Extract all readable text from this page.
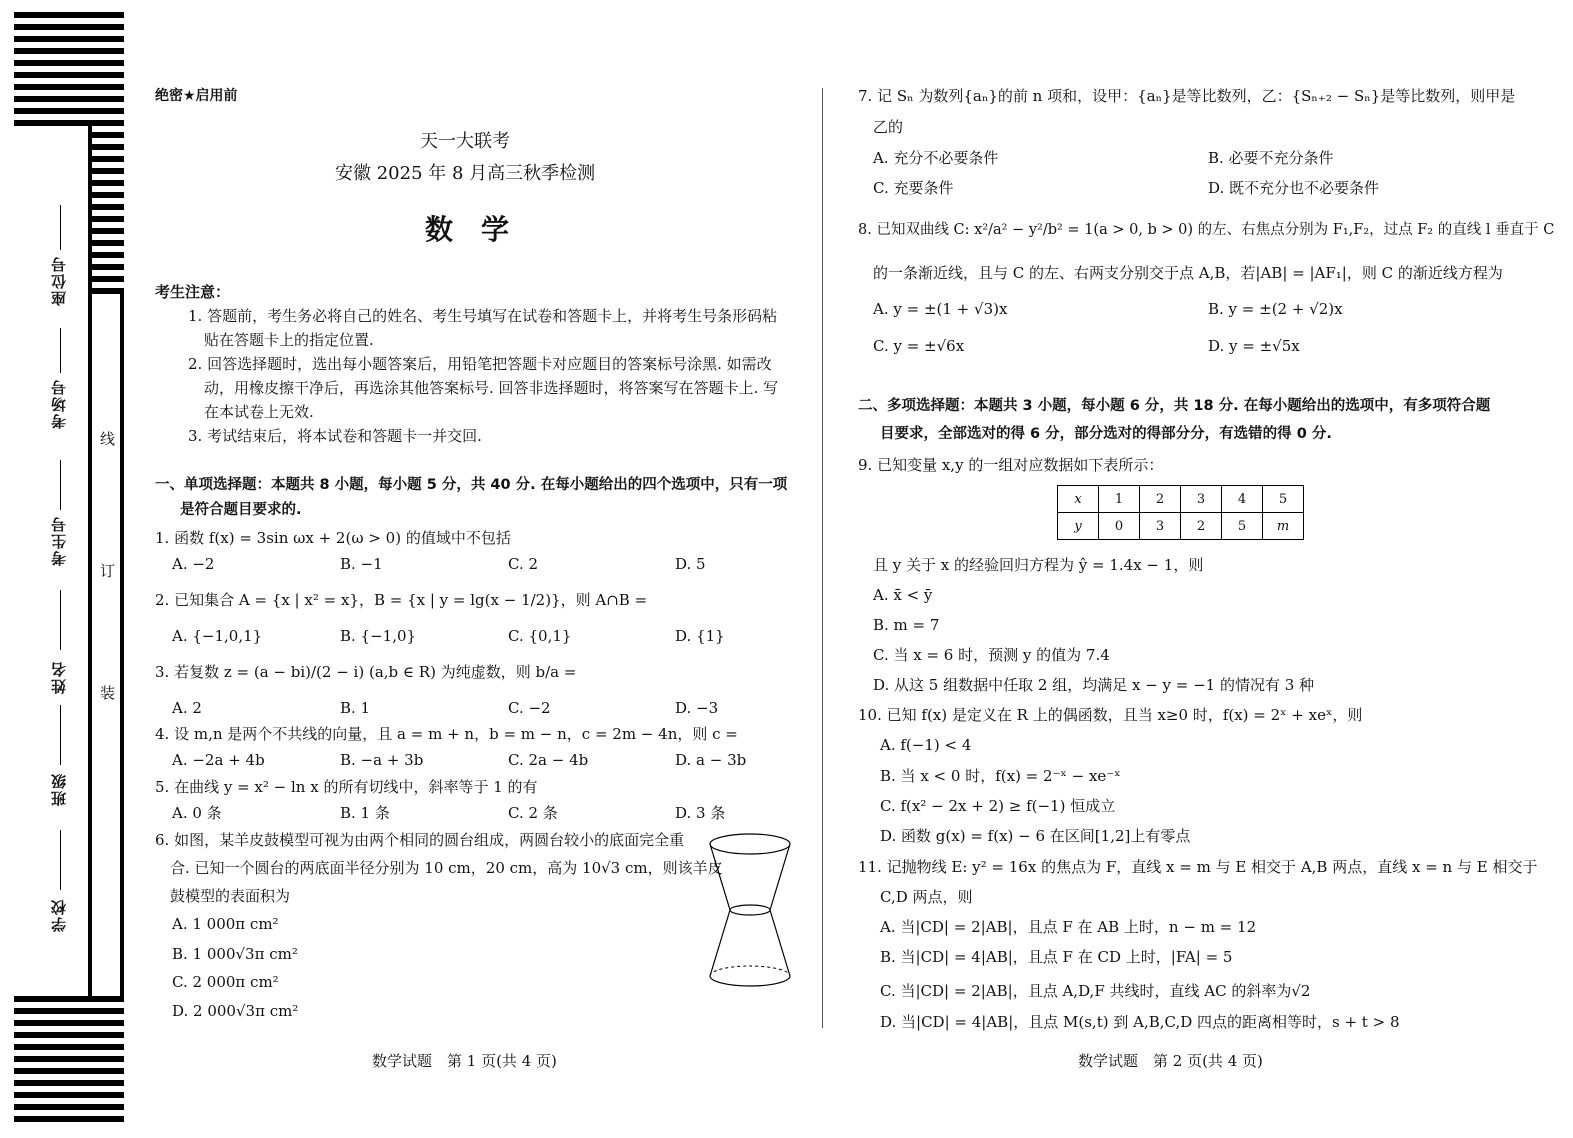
座位号
考场号
考生号
姓名
班级
学校
线
订
装
绝密★启用前
天一大联考
安徽 2025 年 8 月高三秋季检测
数　学
考生注意：
1. 答题前，考生务必将自己的姓名、考生号填写在试卷和答题卡上，并将考生号条形码粘
贴在答题卡上的指定位置.
2. 回答选择题时，选出每小题答案后，用铅笔把答题卡对应题目的答案标号涂黑. 如需改
动，用橡皮擦干净后，再选涂其他答案标号. 回答非选择题时，将答案写在答题卡上. 写
在本试卷上无效.
3. 考试结束后，将本试卷和答题卡一并交回.
一、单项选择题：本题共 8 小题，每小题 5 分，共 40 分. 在每小题给出的四个选项中，只有一项
是符合题目要求的.
1. 函数 f(x) = 3sin ωx + 2(ω > 0) 的值域中不包括
A. −2	B. −1	C. 2	D. 5
2. 已知集合 A = {x | x² = x}，B = {x | y = lg(x − 1/2)}，则 A∩B =
A. {−1,0,1}	B. {−1,0}	C. {0,1}	D. {1}
3. 若复数 z = (a − bi)/(2 − i) (a,b ∈ R) 为纯虚数，则 b/a =
A. 2	B. 1	C. −2	D. −3
4. 设 m,n 是两个不共线的向量，且 a = m + n，b = m − n，c = 2m − 4n，则 c =
A. −2a + 4b	B. −a + 3b	C. 2a − 4b	D. a − 3b
5. 在曲线 y = x² − ln x 的所有切线中，斜率等于 1 的有
A. 0 条	B. 1 条	C. 2 条	D. 3 条
6. 如图，某羊皮鼓模型可视为由两个相同的圆台组成，两圆台较小的底面完全重
合. 已知一个圆台的两底面半径分别为 10 cm，20 cm，高为 10√3 cm，则该羊皮
鼓模型的表面积为
A. 1 000π cm²
B. 1 000√3π cm²
C. 2 000π cm²
D. 2 000√3π cm²
数学试题　第 1 页(共 4 页)
7. 记 Sₙ 为数列{aₙ}的前 n 项和，设甲：{aₙ}是等比数列，乙：{Sₙ₊₂ − Sₙ}是等比数列，则甲是
乙的
A. 充分不必要条件	B. 必要不充分条件
C. 充要条件	D. 既不充分也不必要条件
8. 已知双曲线 C: x²/a² − y²/b² = 1(a > 0, b > 0) 的左、右焦点分别为 F₁,F₂，过点 F₂ 的直线 l 垂直于 C
的一条渐近线，且与 C 的左、右两支分别交于点 A,B，若|AB| = |AF₁|，则 C 的渐近线方程为
A. y = ±(1 + √3)x	B. y = ±(2 + √2)x
C. y = ±√6x	D. y = ±√5x
二、多项选择题：本题共 3 小题，每小题 6 分，共 18 分. 在每小题给出的选项中，有多项符合题
目要求，全部选对的得 6 分，部分选对的得部分分，有选错的得 0 分.
9. 已知变量 x,y 的一组对应数据如下表所示：
x	1	2	3	4	5
y	0	3	2	5	m
且 y 关于 x 的经验回归方程为 ŷ = 1.4x − 1，则
A. x̄ < ȳ
B. m = 7
C. 当 x = 6 时，预测 y 的值为 7.4
D. 从这 5 组数据中任取 2 组，均满足 x − y = −1 的情况有 3 种
10. 已知 f(x) 是定义在 R 上的偶函数，且当 x≥0 时，f(x) = 2ˣ + xeˣ，则
A. f(−1) < 4
B. 当 x < 0 时，f(x) = 2⁻ˣ − xe⁻ˣ
C. f(x² − 2x + 2) ≥ f(−1) 恒成立
D. 函数 g(x) = f(x) − 6 在区间[1,2]上有零点
11. 记抛物线 E: y² = 16x 的焦点为 F，直线 x = m 与 E 相交于 A,B 两点，直线 x = n 与 E 相交于
C,D 两点，则
A. 当|CD| = 2|AB|，且点 F 在 AB 上时，n − m = 12
B. 当|CD| = 4|AB|，且点 F 在 CD 上时，|FA| = 5
C. 当|CD| = 2|AB|，且点 A,D,F 共线时，直线 AC 的斜率为√2
D. 当|CD| = 4|AB|，且点 M(s,t) 到 A,B,C,D 四点的距离相等时，s + t > 8
数学试题　第 2 页(共 4 页)
